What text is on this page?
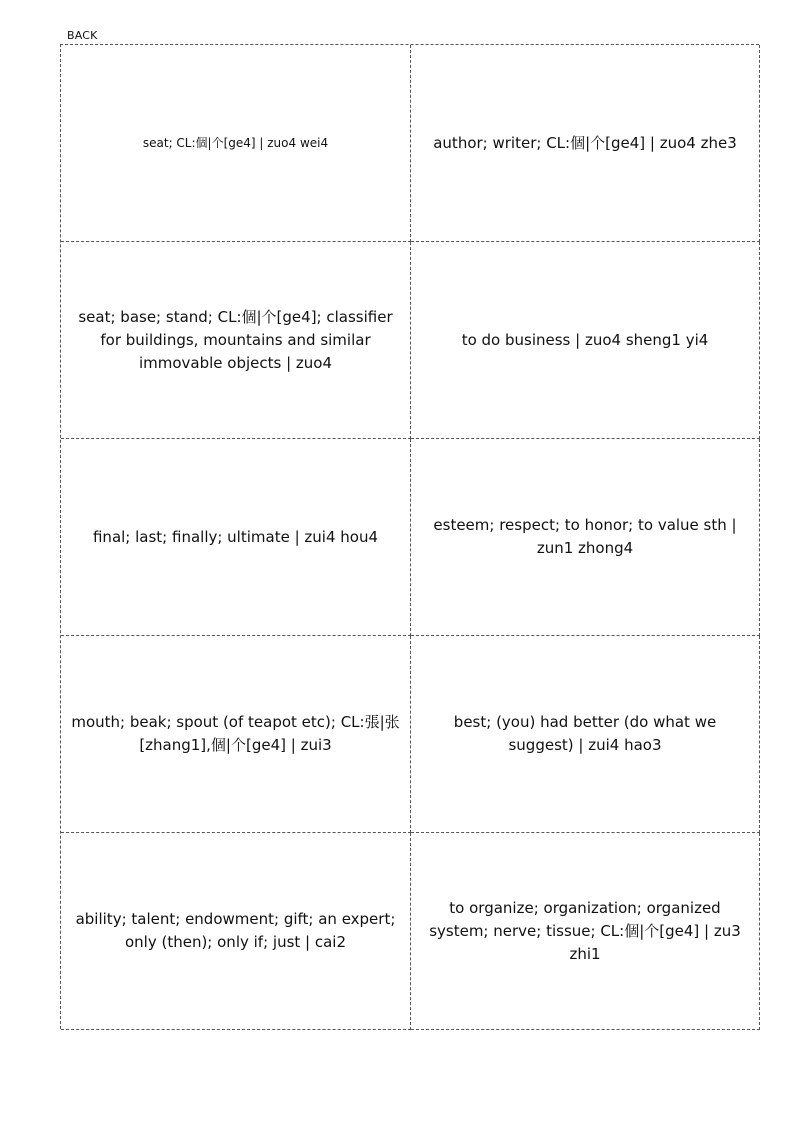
BACK
seat; CL:個|个[ge4] | zuo4 wei4	author; writer; CL:個|个[ge4] | zuo4 zhe3
seat; base; stand; CL:個|个[ge4]; classifier for buildings, mountains and similar immovable objects | zuo4
to do business | zuo4 sheng1 yi4
final; last; finally; ultimate | zui4 hou4
esteem; respect; to honor; to value sth | zun1 zhong4
mouth; beak; spout (of teapot etc); CL:張|张[zhang1],個|个[ge4] | zui3
best; (you) had better (do what we suggest) | zui4 hao3
ability; talent; endowment; gift; an expert; only (then); only if; just | cai2
to organize; organization; organized system; nerve; tissue; CL:個|个[ge4] | zu3 zhi1
